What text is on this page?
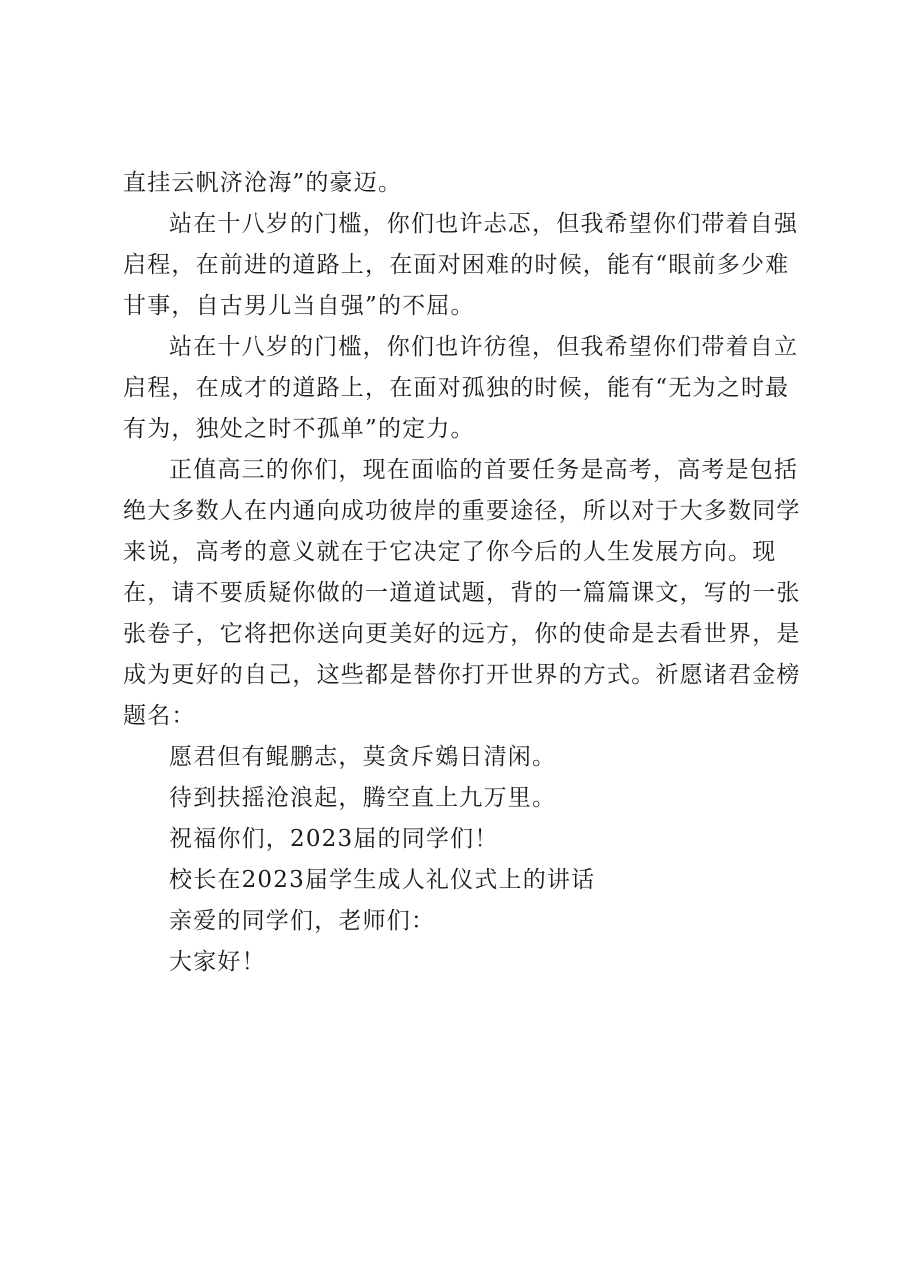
直挂云帆济沧海”的豪迈。

站在十八岁的门槛，你们也许忐忑，但我希望你们带着自强启程，在前进的道路上，在面对困难的时候，能有“眼前多少难甘事，自古男儿当自强”的不屈。

站在十八岁的门槛，你们也许彷徨，但我希望你们带着自立启程，在成才的道路上，在面对孤独的时候，能有“无为之时最有为，独处之时不孤单”的定力。

正值高三的你们，现在面临的首要任务是高考，高考是包括绝大多数人在内通向成功彼岸的重要途径，所以对于大多数同学来说，高考的意义就在于它决定了你今后的人生发展方向。现在，请不要质疑你做的一道道试题，背的一篇篇课文，写的一张张卷子，它将把你送向更美好的远方，你的使命是去看世界，是成为更好的自己，这些都是替你打开世界的方式。祈愿诸君金榜题名：

愿君但有鲲鹏志，莫贪斥鴳日清闲。

待到扶摇沧浪起，腾空直上九万里。

祝福你们，2023届的同学们！

校长在2023届学生成人礼仪式上的讲话

亲爱的同学们，老师们：

大家好！
